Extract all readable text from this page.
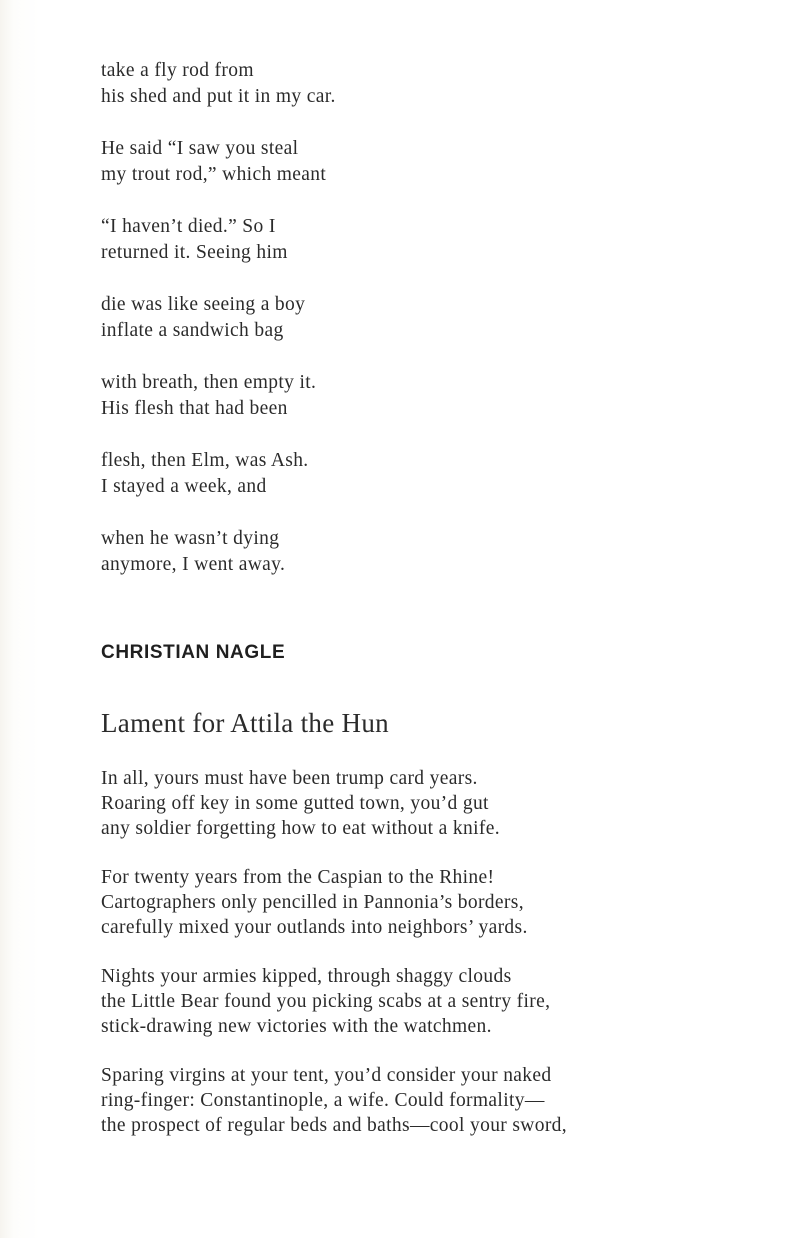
take a fly rod from
his shed and put it in my car.
He said “I saw you steal
my trout rod,” which meant
“I haven’t died.” So I
returned it. Seeing him
die was like seeing a boy
inflate a sandwich bag
with breath, then empty it.
His flesh that had been
flesh, then Elm, was Ash.
I stayed a week, and
when he wasn’t dying
anymore, I went away.
CHRISTIAN NAGLE
Lament for Attila the Hun
In all, yours must have been trump card years.
Roaring off key in some gutted town, you’d gut
any soldier forgetting how to eat without a knife.
For twenty years from the Caspian to the Rhine!
Cartographers only pencilled in Pannonia’s borders,
carefully mixed your outlands into neighbors’ yards.
Nights your armies kipped, through shaggy clouds
the Little Bear found you picking scabs at a sentry fire,
stick-drawing new victories with the watchmen.
Sparing virgins at your tent, you’d consider your naked
ring-finger: Constantinople, a wife. Could formality—
the prospect of regular beds and baths—cool your sword,
